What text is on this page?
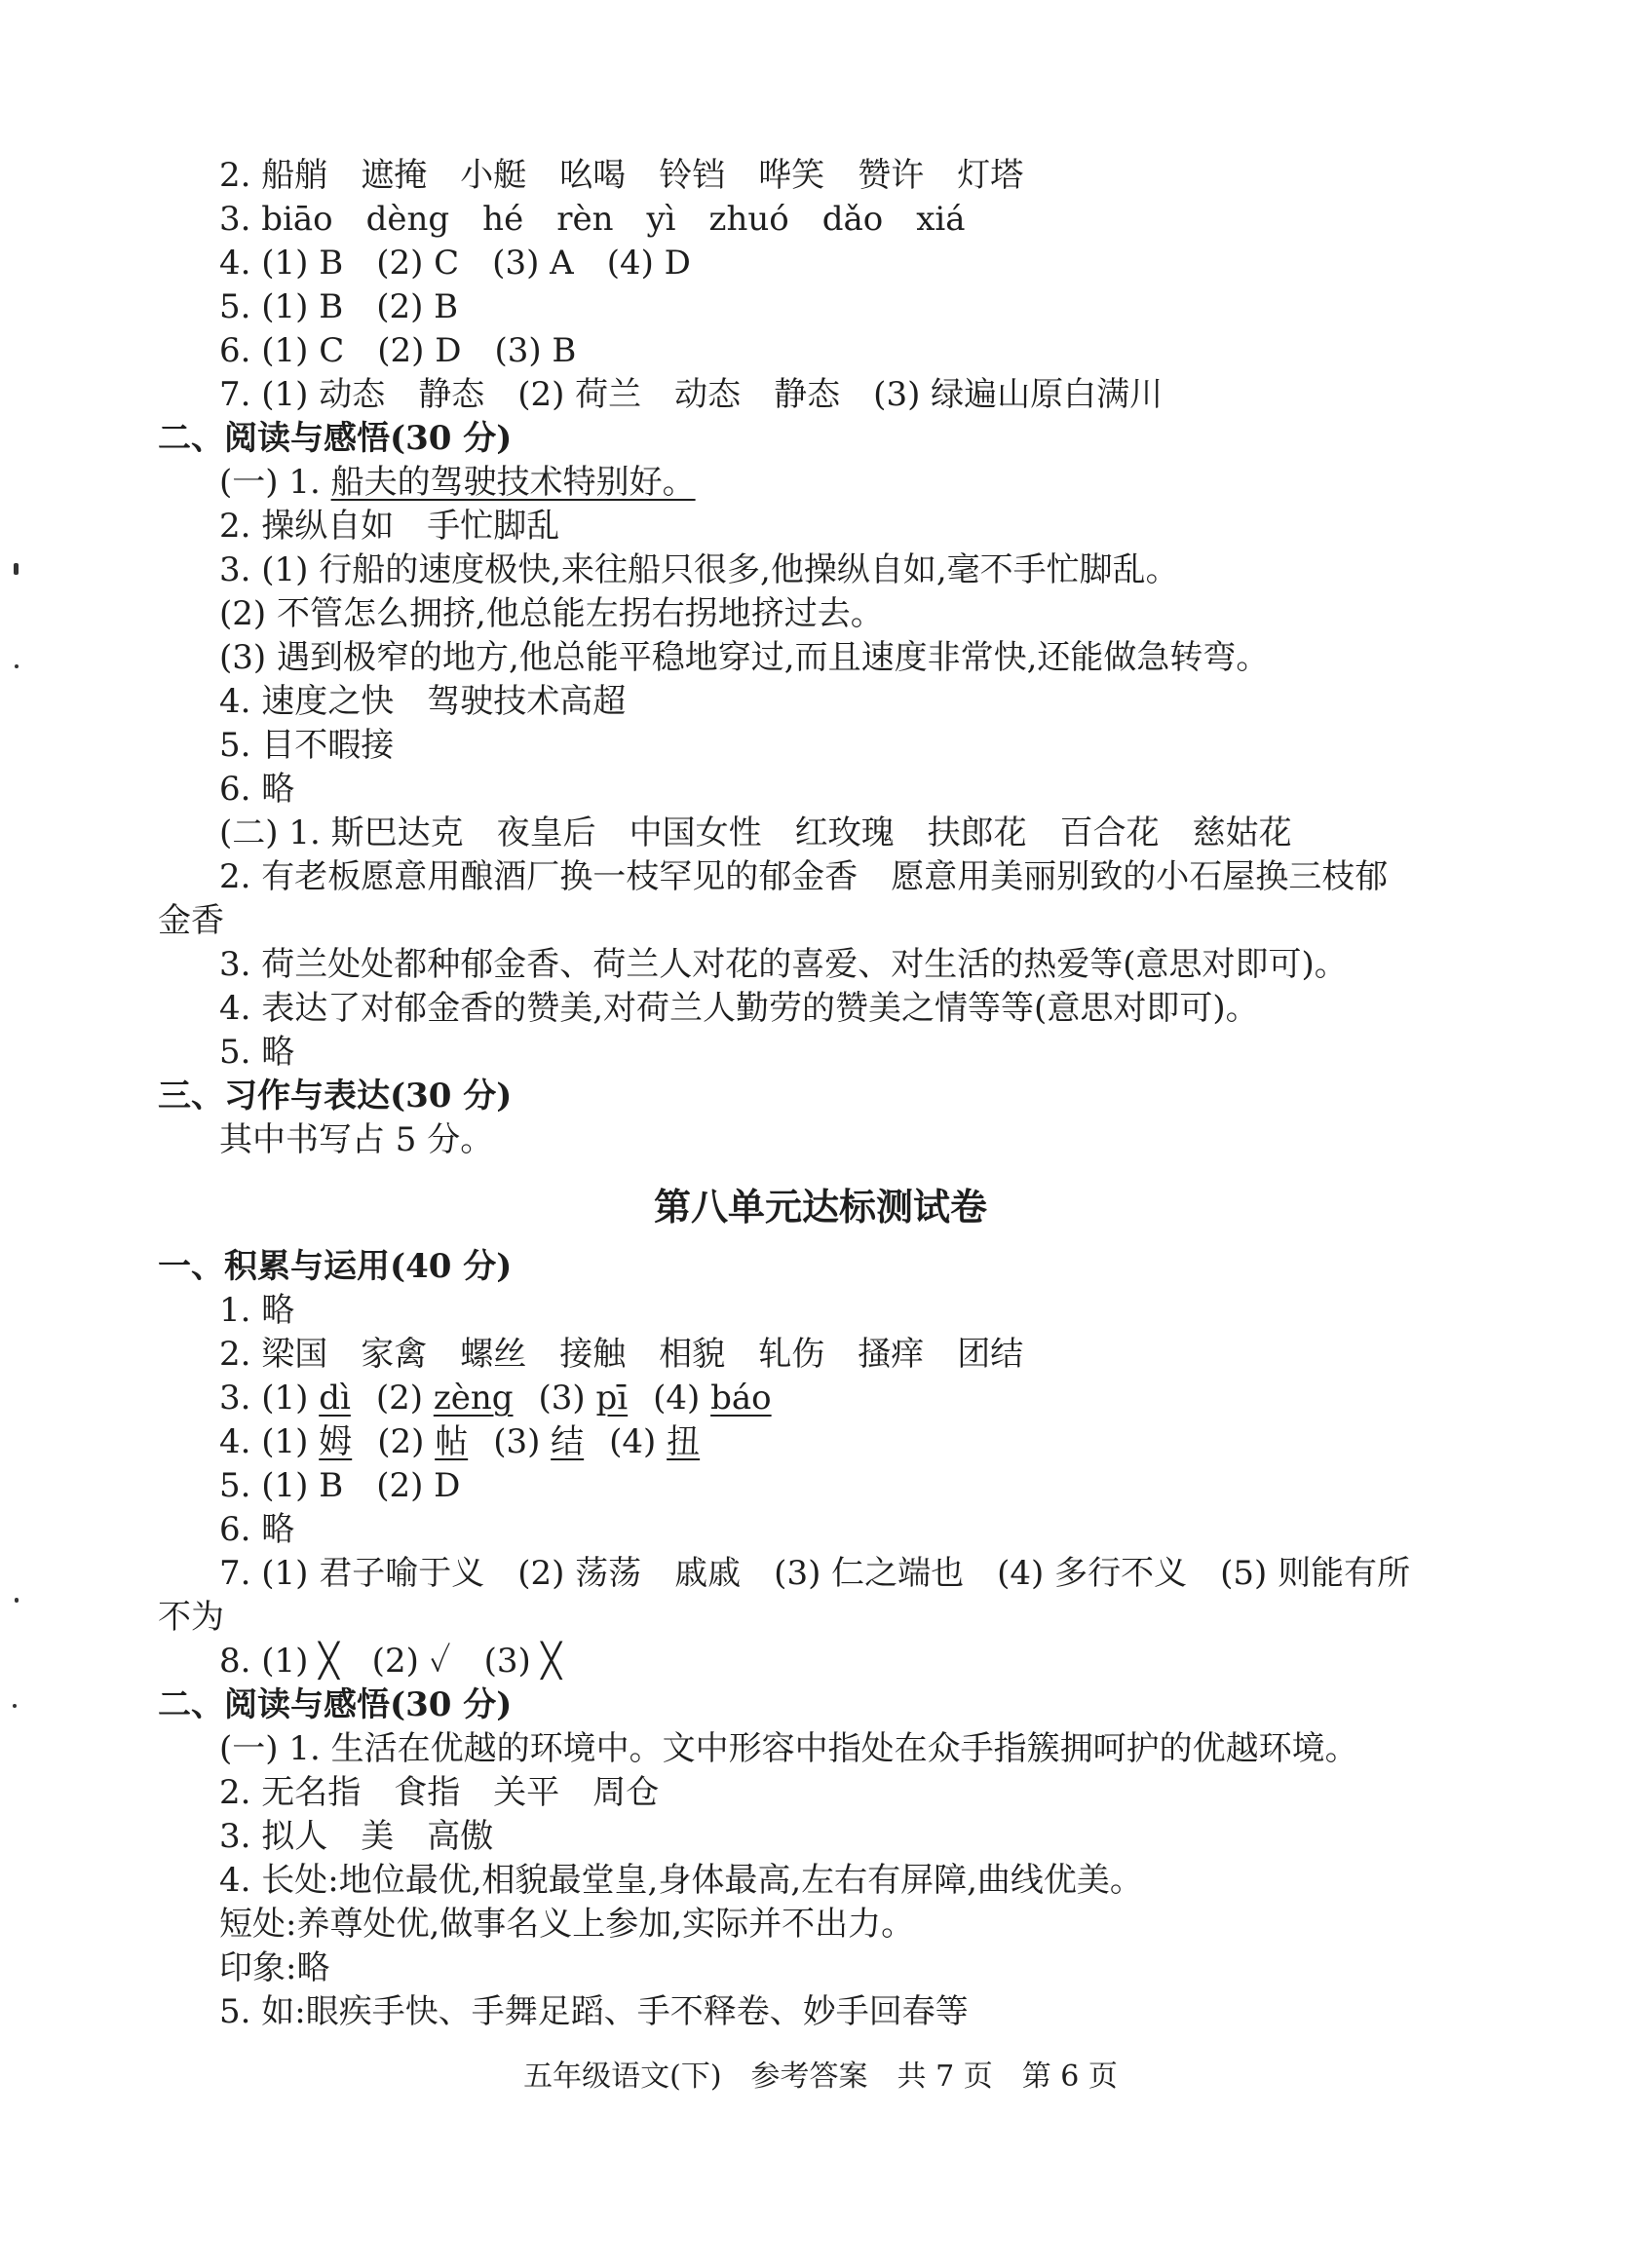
2. 船艄　遮掩　小艇　吆喝　铃铛　哗笑　赞许　灯塔
3. biāo　dèng　hé　rèn　yì　zhuó　dǎo　xiá
4. (1) B　(2) C　(3) A　(4) D
5. (1) B　(2) B
6. (1) C　(2) D　(3) B
7. (1) 动态　静态　(2) 荷兰　动态　静态　(3) 绿遍山原白满川
二、阅读与感悟(30 分)
(一) 1. 船夫的驾驶技术特别好。
2. 操纵自如　手忙脚乱
3. (1) 行船的速度极快,来往船只很多,他操纵自如,毫不手忙脚乱。
(2) 不管怎么拥挤,他总能左拐右拐地挤过去。
(3) 遇到极窄的地方,他总能平稳地穿过,而且速度非常快,还能做急转弯。
4. 速度之快　驾驶技术高超
5. 目不暇接
6. 略
(二) 1. 斯巴达克　夜皇后　中国女性　红玫瑰　扶郎花　百合花　慈姑花
2. 有老板愿意用酿酒厂换一枝罕见的郁金香　愿意用美丽别致的小石屋换三枝郁
金香
3. 荷兰处处都种郁金香、荷兰人对花的喜爱、对生活的热爱等(意思对即可)。
4. 表达了对郁金香的赞美,对荷兰人勤劳的赞美之情等等(意思对即可)。
5. 略
三、习作与表达(30 分)
其中书写占 5 分。
第八单元达标测试卷
一、积累与运用(40 分)
1. 略
2. 梁国　家禽　螺丝　接触　相貌　轧伤　搔痒　团结
3. (1) dì (2) zèng (3) pī (4) báo
4. (1) 姆 (2) 帖 (3) 结 (4) 扭
5. (1) B　(2) D
6. 略
7. (1) 君子喻于义　(2) 荡荡　戚戚　(3) 仁之端也　(4) 多行不义　(5) 则能有所
不为
8. (1) ╳　(2) ✓　(3) ╳
二、阅读与感悟(30 分)
(一) 1. 生活在优越的环境中。文中形容中指处在众手指簇拥呵护的优越环境。
2. 无名指　食指　关平　周仓
3. 拟人　美　高傲
4. 长处:地位最优,相貌最堂皇,身体最高,左右有屏障,曲线优美。
短处:养尊处优,做事名义上参加,实际并不出力。
印象:略
5. 如:眼疾手快、手舞足蹈、手不释卷、妙手回春等
五年级语文(下)　参考答案　共 7 页　第 6 页
